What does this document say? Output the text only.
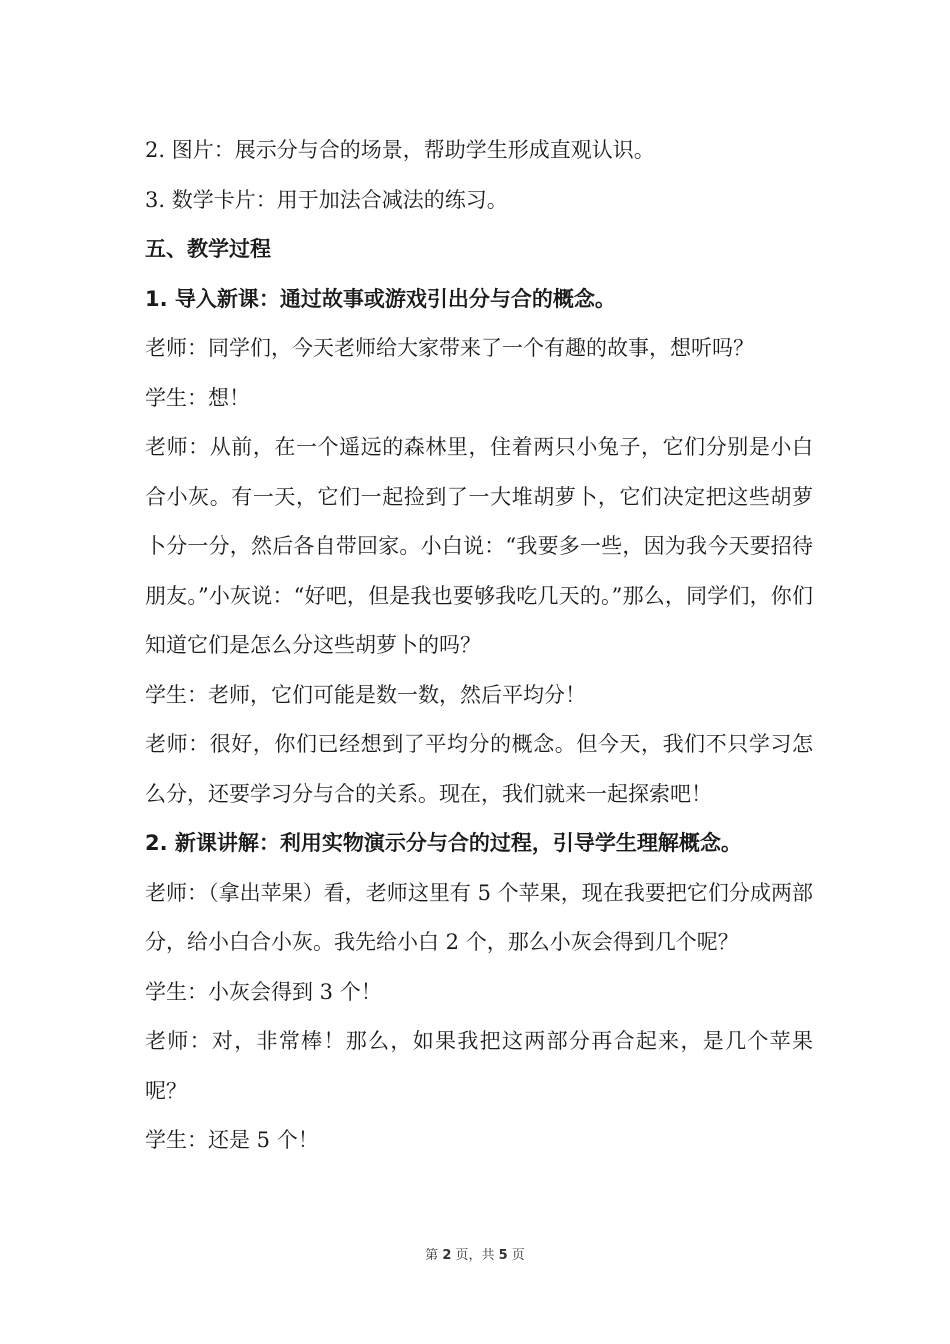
2. 图片：展示分与合的场景，帮助学生形成直观认识。

3. 数学卡片：用于加法合减法的练习。

五、教学过程

1. 导入新课：通过故事或游戏引出分与合的概念。

老师：同学们，今天老师给大家带来了一个有趣的故事，想听吗？

学生：想！

老师：从前，在一个遥远的森林里，住着两只小兔子，它们分别是小白合小灰。有一天，它们一起捡到了一大堆胡萝卜，它们决定把这些胡萝卜分一分，然后各自带回家。小白说：“我要多一些，因为我今天要招待朋友。”小灰说：“好吧，但是我也要够我吃几天的。”那么，同学们，你们知道它们是怎么分这些胡萝卜的吗？

学生：老师，它们可能是数一数，然后平均分！

老师：很好，你们已经想到了平均分的概念。但今天，我们不只学习怎么分，还要学习分与合的关系。现在，我们就来一起探索吧！

2. 新课讲解：利用实物演示分与合的过程，引导学生理解概念。

老师：（拿出苹果）看，老师这里有 5 个苹果，现在我要把它们分成两部分，给小白合小灰。我先给小白 2 个，那么小灰会得到几个呢？

学生：小灰会得到 3 个！

老师：对，非常棒！那么，如果我把这两部分再合起来，是几个苹果呢？

学生：还是 5 个！

第 2 页，共 5 页
